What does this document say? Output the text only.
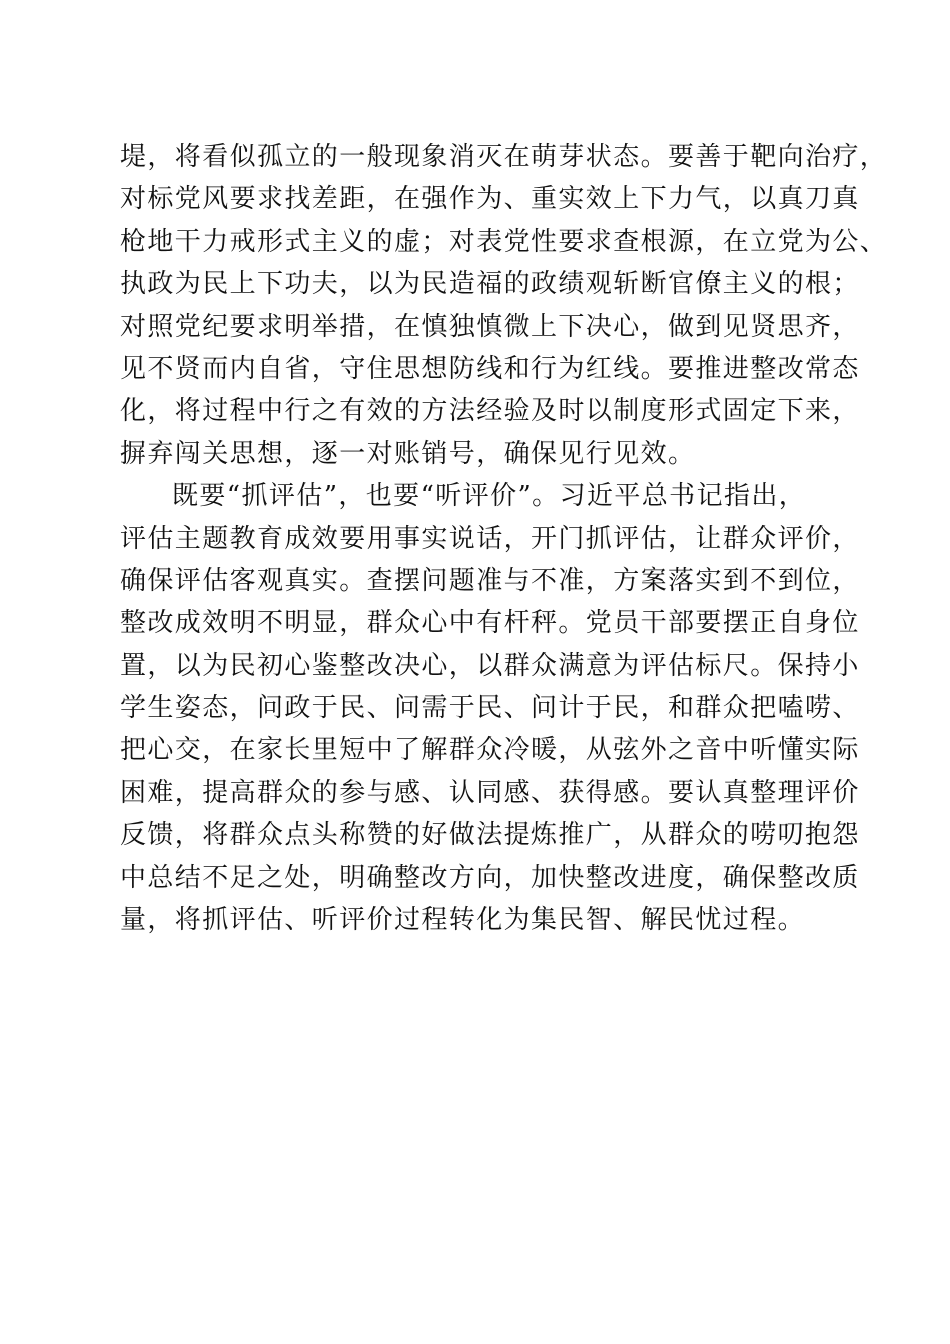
堤，将看似孤立的一般现象消灭在萌芽状态。要善于靶向治疗，
对标党风要求找差距，在强作为、重实效上下力气，以真刀真
枪地干力戒形式主义的虚；对表党性要求查根源，在立党为公、
执政为民上下功夫，以为民造福的政绩观斩断官僚主义的根；
对照党纪要求明举措，在慎独慎微上下决心，做到见贤思齐，
见不贤而内自省，守住思想防线和行为红线。要推进整改常态
化，将过程中行之有效的方法经验及时以制度形式固定下来，
摒弃闯关思想，逐一对账销号，确保见行见效。
既要“抓评估”，也要“听评价”。习近平总书记指出，
评估主题教育成效要用事实说话，开门抓评估，让群众评价，
确保评估客观真实。查摆问题准与不准，方案落实到不到位，
整改成效明不明显，群众心中有杆秤。党员干部要摆正自身位
置，以为民初心鉴整改决心，以群众满意为评估标尺。保持小
学生姿态，问政于民、问需于民、问计于民，和群众把嗑唠、
把心交，在家长里短中了解群众冷暖，从弦外之音中听懂实际
困难，提高群众的参与感、认同感、获得感。要认真整理评价
反馈，将群众点头称赞的好做法提炼推广，从群众的唠叨抱怨
中总结不足之处，明确整改方向，加快整改进度，确保整改质
量，将抓评估、听评价过程转化为集民智、解民忧过程。
